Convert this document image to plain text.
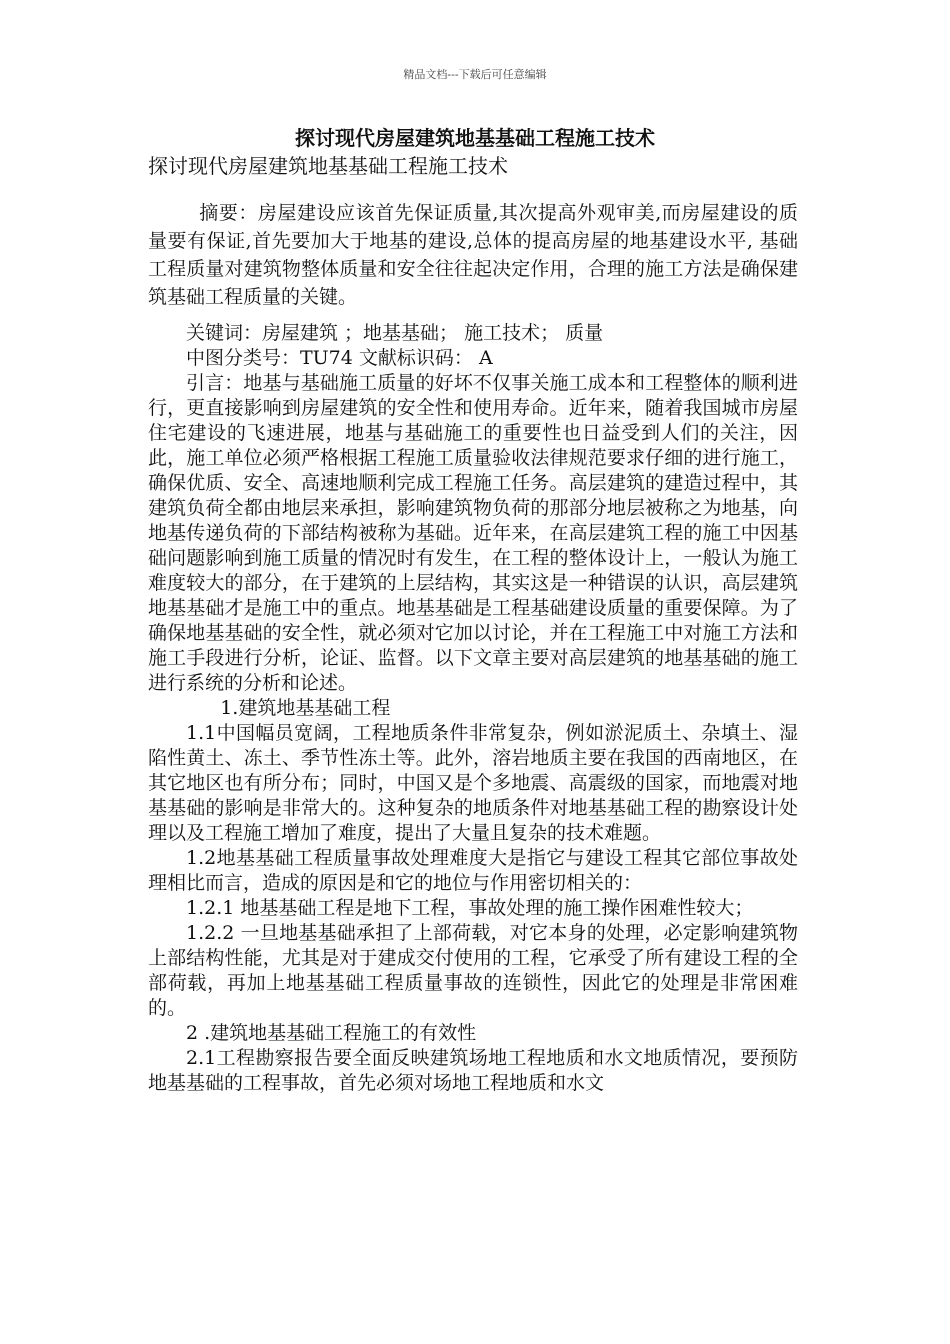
精品文档---下载后可任意编辑
探讨现代房屋建筑地基基础工程施工技术
探讨现代房屋建筑地基基础工程施工技术

摘要：房屋建设应该首先保证质量,其次提高外观审美,而房屋建设的质量要有保证,首先要加大于地基的建设,总体的提高房屋的地基建设水平, 基础工程质量对建筑物整体质量和安全往往起决定作用，合理的施工方法是确保建筑基础工程质量的关键。

关键词：房屋建筑 ；地基基础； 施工技术； 质量

中图分类号：TU74 文献标识码： A

引言：地基与基础施工质量的好坏不仅事关施工成本和工程整体的顺利进行，更直接影响到房屋建筑的安全性和使用寿命。近年来，随着我国城市房屋住宅建设的飞速进展，地基与基础施工的重要性也日益受到人们的关注，因此，施工单位必须严格根据工程施工质量验收法律规范要求仔细的进行施工，确保优质、安全、高速地顺利完成工程施工任务。高层建筑的建造过程中，其建筑负荷全都由地层来承担，影响建筑物负荷的那部分地层被称之为地基，向地基传递负荷的下部结构被称为基础。近年来，在高层建筑工程的施工中因基础问题影响到施工质量的情况时有发生，在工程的整体设计上，一般认为施工难度较大的部分，在于建筑的上层结构，其实这是一种错误的认识，高层建筑地基基础才是施工中的重点。地基基础是工程基础建设质量的重要保障。为了确保地基基础的安全性，就必须对它加以讨论，并在工程施工中对施工方法和施工手段进行分析，论证、监督。以下文章主要对高层建筑的地基基础的施工进行系统的分析和论述。

1.建筑地基基础工程

1.1中国幅员宽阔，工程地质条件非常复杂，例如淤泥质土、杂填土、湿陷性黄土、冻土、季节性冻土等。此外，溶岩地质主要在我国的西南地区，在其它地区也有所分布；同时，中国又是个多地震、高震级的国家，而地震对地基基础的影响是非常大的。这种复杂的地质条件对地基基础工程的勘察设计处理以及工程施工增加了难度，提出了大量且复杂的技术难题。

1.2地基基础工程质量事故处理难度大是指它与建设工程其它部位事故处理相比而言，造成的原因是和它的地位与作用密切相关的：

1.2.1 地基基础工程是地下工程，事故处理的施工操作困难性较大；

1.2.2 一旦地基基础承担了上部荷载，对它本身的处理，必定影响建筑物上部结构性能，尤其是对于建成交付使用的工程，它承受了所有建设工程的全部荷载，再加上地基基础工程质量事故的连锁性，因此它的处理是非常困难的。

2 .建筑地基基础工程施工的有效性

2.1工程勘察报告要全面反映建筑场地工程地质和水文地质情况，要预防地基基础的工程事故，首先必须对场地工程地质和水文
